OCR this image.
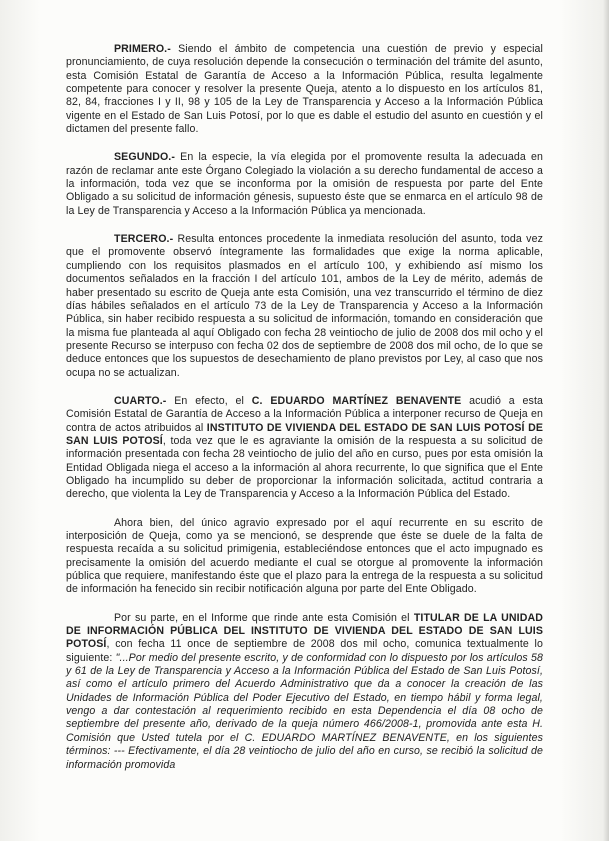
PRIMERO.- Siendo el ámbito de competencia una cuestión de previo y especial pronunciamiento, de cuya resolución depende la consecución o terminación del trámite del asunto, esta Comisión Estatal de Garantía de Acceso a la Información Pública, resulta legalmente competente para conocer y resolver la presente Queja, atento a lo dispuesto en los artículos 81, 82, 84, fracciones I y II, 98 y 105 de la Ley de Transparencia y Acceso a la Información Pública vigente en el Estado de San Luis Potosí, por lo que es dable el estudio del asunto en cuestión y el dictamen del presente fallo.

SEGUNDO.- En la especie, la vía elegida por el promovente resulta la adecuada en razón de reclamar ante este Órgano Colegiado la violación a su derecho fundamental de acceso a la información, toda vez que se inconforma por la omisión de respuesta por parte del Ente Obligado a su solicitud de información génesis, supuesto éste que se enmarca en el artículo 98 de la Ley de Transparencia y Acceso a la Información Pública ya mencionada.

TERCERO.- Resulta entonces procedente la inmediata resolución del asunto, toda vez que el promovente observó íntegramente las formalidades que exige la norma aplicable, cumpliendo con los requisitos plasmados en el artículo 100, y exhibiendo así mismo los documentos señalados en la fracción I del artículo 101, ambos de la Ley de mérito, además de haber presentado su escrito de Queja ante esta Comisión, una vez transcurrido el término de diez días hábiles señalados en el artículo 73 de la Ley de Transparencia y Acceso a la Información Pública, sin haber recibido respuesta a su solicitud de información, tomando en consideración que la misma fue planteada al aquí Obligado con fecha 28 veintiocho de julio de 2008 dos mil ocho y el presente Recurso se interpuso con fecha 02 dos de septiembre de 2008 dos mil ocho, de lo que se deduce entonces que los supuestos de desechamiento de plano previstos por Ley, al caso que nos ocupa no se actualizan.

CUARTO.- En efecto, el C. EDUARDO MARTÍNEZ BENAVENTE acudió a esta Comisión Estatal de Garantía de Acceso a la Información Pública a interponer recurso de Queja en contra de actos atribuidos al INSTITUTO DE VIVIENDA DEL ESTADO DE SAN LUIS POTOSÍ DE SAN LUIS POTOSÍ, toda vez que le es agraviante la omisión de la respuesta a su solicitud de información presentada con fecha 28 veintiocho de julio del año en curso, pues por esta omisión la Entidad Obligada niega el acceso a la información al ahora recurrente, lo que significa que el Ente Obligado ha incumplido su deber de proporcionar la información solicitada, actitud contraria a derecho, que violenta la Ley de Transparencia y Acceso a la Información Pública del Estado.

Ahora bien, del único agravio expresado por el aquí recurrente en su escrito de interposición de Queja, como ya se mencionó, se desprende que éste se duele de la falta de respuesta recaída a su solicitud primigenia, estableciéndose entonces que el acto impugnado es precisamente la omisión del acuerdo mediante el cual se otorgue al promovente la información pública que requiere, manifestando éste que el plazo para la entrega de la respuesta a su solicitud de información ha fenecido sin recibir notificación alguna por parte del Ente Obligado.

Por su parte, en el Informe que rinde ante esta Comisión el TITULAR DE LA UNIDAD DE INFORMACIÓN PÚBLICA DEL INSTITUTO DE VIVIENDA DEL ESTADO DE SAN LUIS POTOSÍ, con fecha 11 once de septiembre de 2008 dos mil ocho, comunica textualmente lo siguiente: "...Por medio del presente escrito, y de conformidad con lo dispuesto por los artículos 58 y 61 de la Ley de Transparencia y Acceso a la Información Pública del Estado de San Luis Potosí, así como el artículo primero del Acuerdo Administrativo que da a conocer la creación de las Unidades de Información Pública del Poder Ejecutivo del Estado, en tiempo hábil y forma legal, vengo a dar contestación al requerimiento recibido en esta Dependencia el día 08 ocho de septiembre del presente año, derivado de la queja número 466/2008-1, promovida ante esta H. Comisión que Usted tutela por el C. EDUARDO MARTÍNEZ BENAVENTE, en los siguientes términos: --- Efectivamente, el día 28 veintiocho de julio del año en curso, se recibió la solicitud de información promovida
